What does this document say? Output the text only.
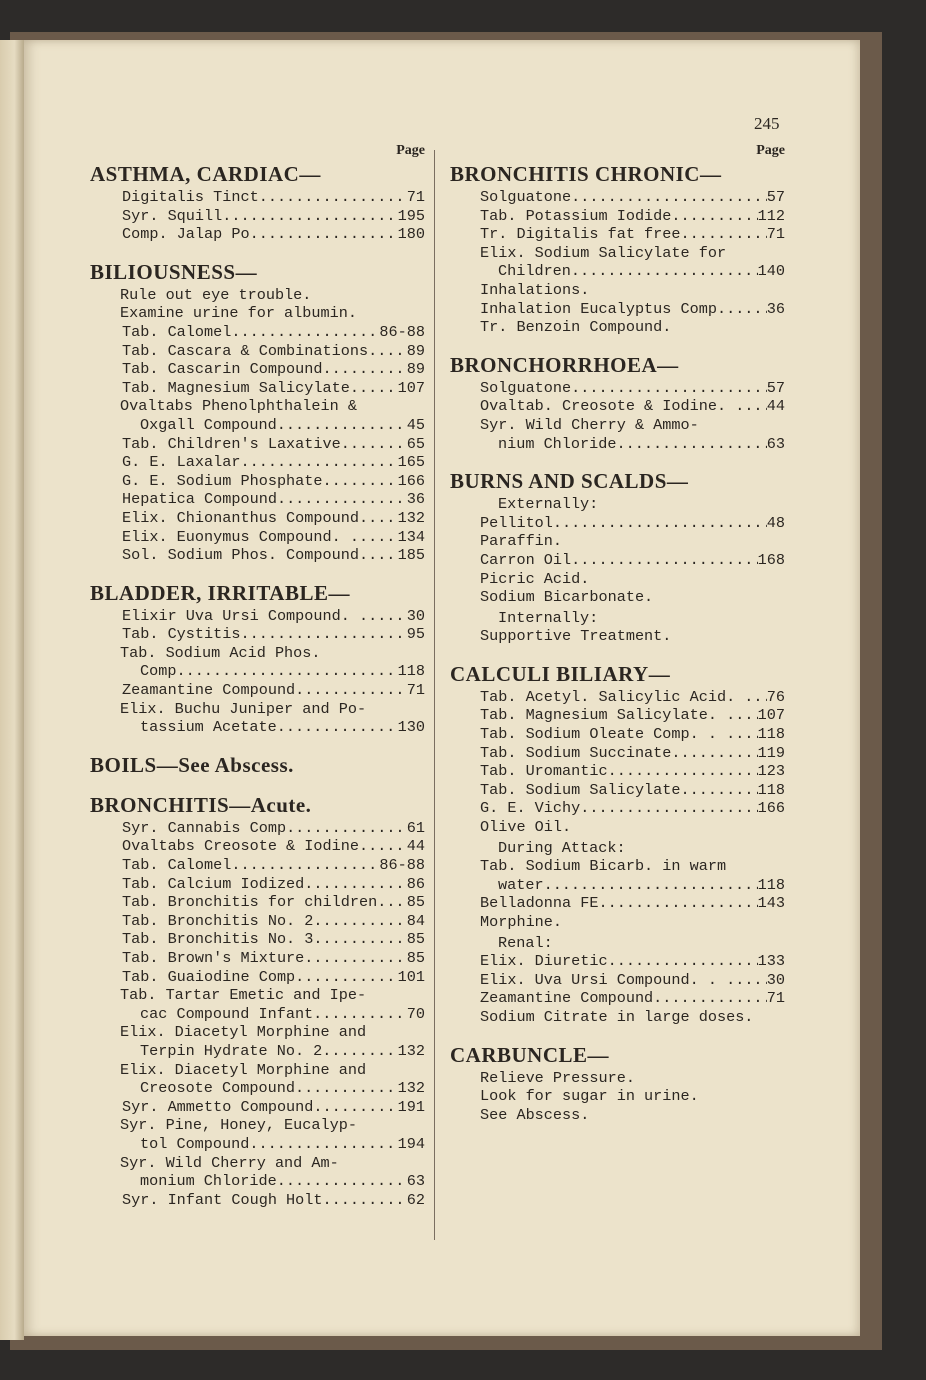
245
Page
ASTHMA, CARDIAC—
Digitalis Tinct .....	71
Syr. Squill .....	195
Comp. Jalap Po .....	180
BILIOUSNESS—
Rule out eye trouble.
Examine urine for albumin.
Tab. Calomel .....	86-88
Tab. Cascara & Combinations .....	89
Tab. Cascarin Compound .....	89
Tab. Magnesium Salicylate .....	107
Ovaltabs Phenolphthalein &
Oxgall Compound .....	45
Tab. Children's Laxative .....	65
G. E. Laxalar .....	165
G. E. Sodium Phosphate .....	166
Hepatica Compound .....	36
Elix. Chionanthus Compound. ..... 132
Elix. Euonymus Compound. . .....	134
Sol. Sodium Phos. Compound. ..... 185
BLADDER, IRRITABLE—
Elixir Uva Ursi Compound. . .....	30
Tab. Cystitis .....	95
Tab. Sodium Acid Phos.
Comp. .....	118
Zeamantine Compound .....	71
Elix. Buchu Juniper and Po-
tassium Acetate .....	130
BOILS—See Abscess.
BRONCHITIS—Acute.
Syr. Cannabis Comp .....	61
Ovaltabs Creosote & Iodine. .....	44
Tab. Calomel .....	86-88
Tab. Calcium Iodized .....	86
Tab. Bronchitis for children. ..... 85
Tab. Bronchitis No. 2 .....	84
Tab. Bronchitis No. 3 .....	85
Tab. Brown's Mixture .....	85
Tab. Guaiodine Comp .....	101
Tab. Tartar Emetic and Ipe-
cac Compound Infant .....	70
Elix. Diacetyl Morphine and
Terpin Hydrate No. 2 .....	132
Elix. Diacetyl Morphine and
Creosote Compound .....	132
Syr. Ammetto Compound .....	191
Syr. Pine, Honey, Eucalyp-
tol Compound .....	194
Syr. Wild Cherry and Am-
monium Chloride .....	63
Syr. Infant Cough Holt .....	62
Page
BRONCHITIS CHRONIC—
Solguatone .....	57
Tab. Potassium Iodide .....	112
Tr. Digitalis fat free .....	71
Elix. Sodium Salicylate for
Children .....	140
Inhalations.
Inhalation Eucalyptus Comp. .....	36
Tr. Benzoin Compound.
BRONCHORRHOEA—
Solguatone .....	57
Ovaltab. Creosote & Iodine. . ..... 44
Syr. Wild Cherry & Ammo-
nium Chloride .....	63
BURNS AND SCALDS—
Externally:
Pellitol .....	48
Paraffin.
Carron Oil .....	168
Picric Acid.
Sodium Bicarbonate.
Internally:
Supportive Treatment.
CALCULI BILIARY—
Tab. Acetyl. Salicylic Acid. . ..... 76
Tab. Magnesium Salicylate. . ..... 107
Tab. Sodium Oleate Comp. . . ..... 118
Tab. Sodium Succinate .....	119
Tab. Uromantic .....	123
Tab. Sodium Salicylate .....	118
G. E. Vichy .....	166
Olive Oil.
During Attack:
Tab. Sodium Bicarb. in warm
water .....	118
Belladonna FE .....	143
Morphine.
Renal:
Elix. Diuretic .....	133
Elix. Uva Ursi Compound. . . ..... 30
Zeamantine Compound .....	71
Sodium Citrate in large doses.
CARBUNCLE—
Relieve Pressure.
Look for sugar in urine.
See Abscess.
